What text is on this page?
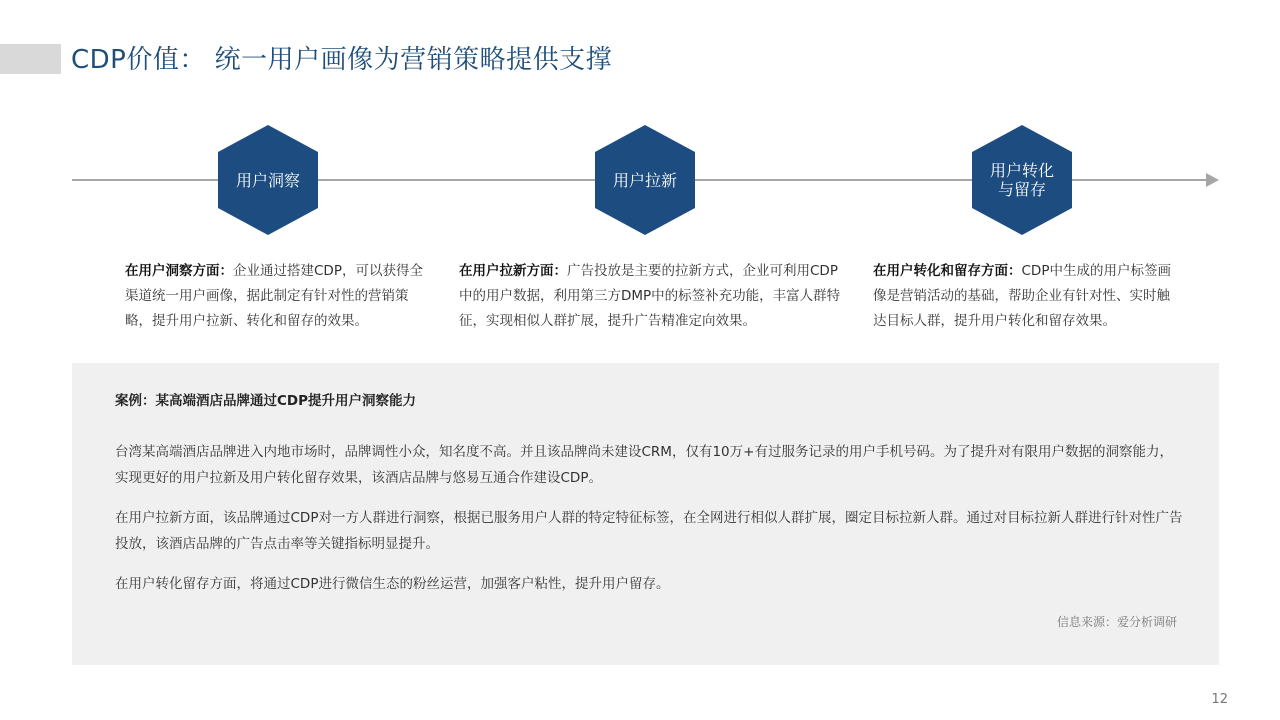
CDP价值： 统一用户画像为营销策略提供支撑
用户洞察	用户拉新	用户转化
与留存
在用户洞察方面：企业通过搭建CDP，可以获得全渠道统一用户画像，据此制定有针对性的营销策略，提升用户拉新、转化和留存的效果。
在用户拉新方面：广告投放是主要的拉新方式，企业可利用CDP中的用户数据，利用第三方DMP中的标签补充功能，丰富人群特征，实现相似人群扩展，提升广告精准定向效果。
在用户转化和留存方面：CDP中生成的用户标签画像是营销活动的基础，帮助企业有针对性、实时触达目标人群，提升用户转化和留存效果。
案例：某高端酒店品牌通过CDP提升用户洞察能力
台湾某高端酒店品牌进入内地市场时，品牌调性小众，知名度不高。并且该品牌尚未建设CRM，仅有10万+有过服务记录的用户手机号码。为了提升对有限用户数据的洞察能力，实现更好的用户拉新及用户转化留存效果，该酒店品牌与悠易互通合作建设CDP。
在用户拉新方面，该品牌通过CDP对一方人群进行洞察，根据已服务用户人群的特定特征标签，在全网进行相似人群扩展，圈定目标拉新人群。通过对目标拉新人群进行针对性广告投放，该酒店品牌的广告点击率等关键指标明显提升。
在用户转化留存方面，将通过CDP进行微信生态的粉丝运营，加强客户粘性，提升用户留存。
信息来源：爱分析调研
12
